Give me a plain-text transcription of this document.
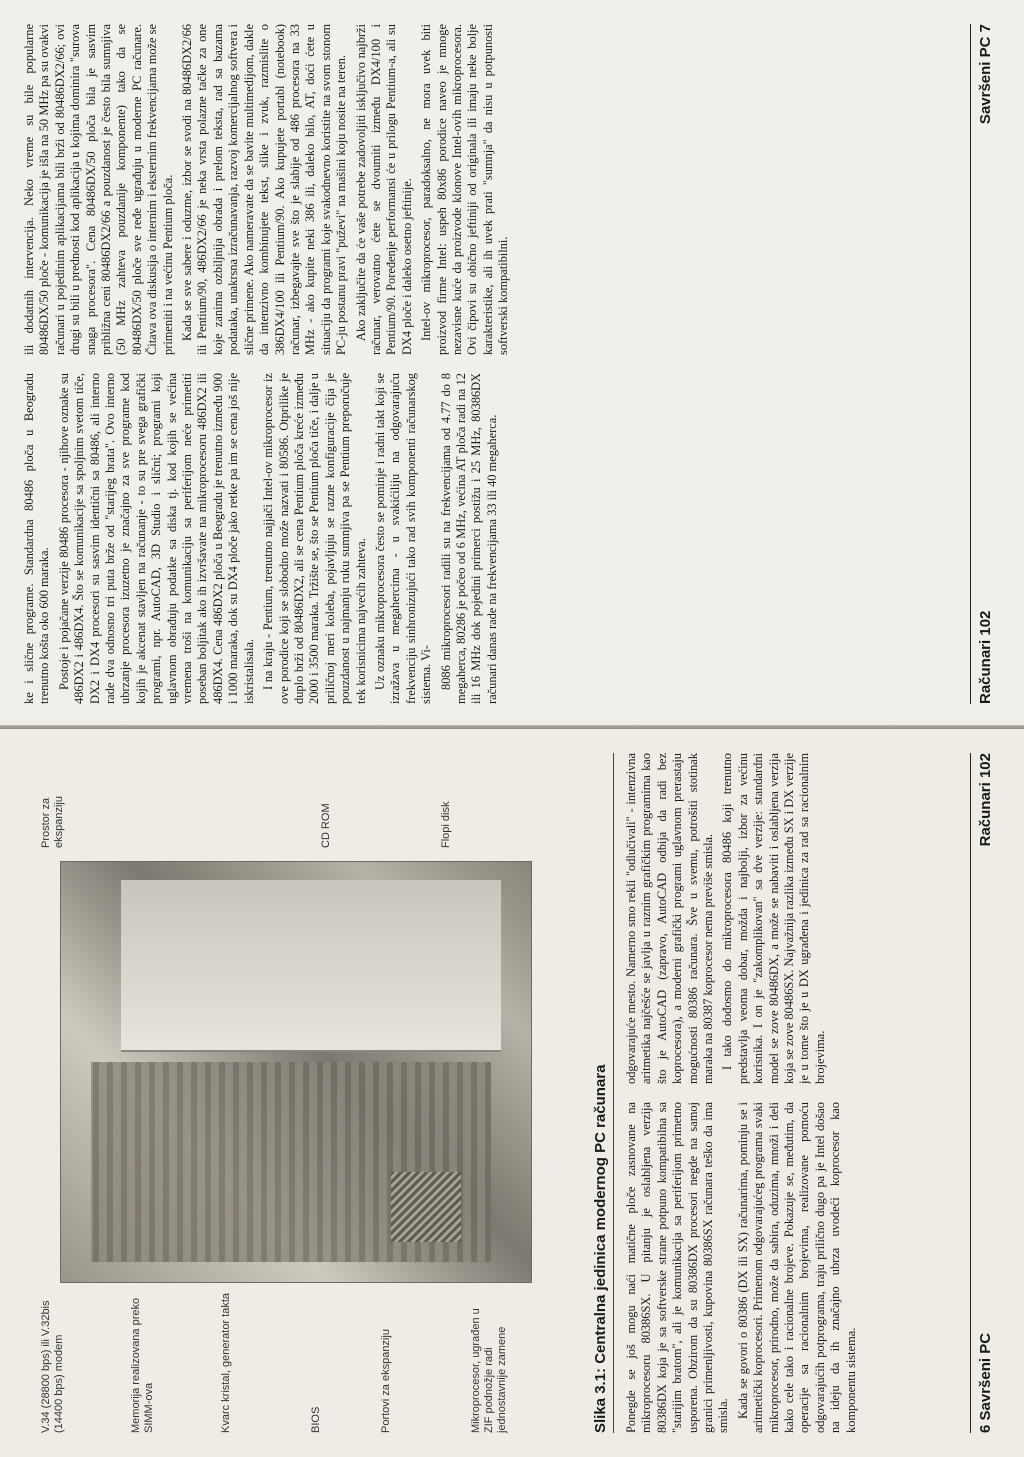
ke i slične programe. Standardna 80486 ploča u Beogradu trenutno košta oko 600 maraka. Postoje i pojačane verzije 80486 procesora - njihove oznake su 486DX2 i 486DX4. Što se komunikacije sa spoljnim svetom tiče, DX2 i DX4 procesori su sasvim identični sa 80486, ali interno rade dva odnosno tri puta brže od "starijeg brata". Ovo interno ubrzanje procesora izuzetno je značajno za sve programe kod kojih je akcenat stavljen na računanje - to su pre svega grafički programi, npr. AutoCAD, 3D Studio i slični; programi koji uglavnom obrađuju podatke sa diska tj. kod kojih se većina vremena troši na komunikaciju sa periferijom neće primetiti poseban boljitak ako ih izvršavate na mikroprocesoru 486DX2 ili 486DX4. Cena 486DX2 ploča u Beogradu je trenutno između 900 i 1000 maraka, dok su DX4 ploče jako retke pa im se cena još nije iskristalisala. I na kraju - Pentium, trenutno najjači Intel-ov mikroprocesor iz ove porodice koji se slobodno može nazvati i 80586. Otprilike je duplo brži od 80486DX2, ali se cena Pentium ploča kreće između 2000 i 3500 maraka. Tržište se, što se Pentium ploča tiče, i dalje u priličnoj meri koleba, pojavljuju se razne konfiguracije čija je pouzdanost u najmanju ruku sumnjiva pa se Pentium preporučuje tek korisnicima najvećih zahteva. Uz oznaku mikroprocesora često se pominje i radni takt koji se izražava u megahercima - u svakićiliju na odgovarajuću frekvenciju sinhronizujući tako rad svih komponenti računarskog sistema. Vi- 8086 mikroprocesori radili su na frekvencijama od 4.77 do 8 megaherca, 80286 je počeo od 6 MHz, većina AT ploča radi na 12 ili 16 MHz dok pojedini primerci postižu i 25 MHz, 80386DX računari danas rade na frekvencijama 33 ili 40 megaherca.

ili dodatnih intervencija. Neko vreme su bile popularne 80486DX/50 ploče - komunikacija je išla na 50 MHz pa su ovakvi računari u pojedinim aplikacijama bili brži od 80486DX2/66; ovi drugi su bili u prednosti kod aplikacija u kojima dominira "surova snaga procesora". Cena 80486DX/50 ploča bila je sasvim približna ceni 80486DX2/66 a pouzdanost je često bila sumnjiva (50 MHz zahteva pouzdanije komponente) tako da se 80486DX/50 ploče sve ređe ugrađuju u moderne PC računare. Čitava ova diskusija o internim i eksternim frekvencijama može se primeniti i na većinu Pentium ploča. Kada se sve sabere i oduzme, izbor se svodi na 80486DX2/66 ili Pentium/90, 486DX2/66 je neka vrsta polazne tačke za one koje zanima ozbiljnija obrada i prelom teksta, rad sa bazama podataka, unakrsna izračunavanja, razvoj komercijalnog softvera i slične primene. Ako nameravate da se bavite multimedijom, dakle da intenzivno kombinujete tekst, slike i zvuk, razmislite o 386DX4/100 ili Pentium/90. Ako kupujete portabl (notebook) računar, izbegavajte sve što je slabije od 486 procesora na 33 MHz - ako kupite neki 386 ili, daleko bilo, AT, doći ćete u situaciju da programi koje svakodnevno koristite na svom stonom PC-ju postanu pravi "puževi" na mašini koju nosite na teren. Ako zaključite da će vaše potrebe zadovoljiti isključivo najbrži računar, verovatno ćete se dvoumiti između DX4/100 i Pentium/90. Poređenje performansi će u prilogu Pentium-a, ali su DX4 ploče i daleko osetno jeftinije. Intel-ov mikroprocesor, paradoksalno, ne mora uvek biti proizvod firme Intel: uspeh 80x86 porodice naveo je mnoge nezavisne kuće da proizvode klonove Intel-ovih mikroprocesora. Ovi čipovi su obično jeftiniji od originala ili imaju neke bolje karakteristike, ali ih uvek prati "sumnja" da nisu u potpunosti softverski kompatibilni.

Računari 102
Savršeni PC 7
V.34 (28800 bps) ili V.32bis (14400 bps) modem	Memorija realizovana preko SIMM-ova	Kvarc kristal, generator takta	BIOS	Portovi za ekspanziju	Mikroprocesor, ugrađen u ZIF podnožje radi jednostavnije zamene
Prostor za ekspanziju	CD ROM	Flopi disk
Slika 3.1: Centralna jedinica modernog PC računara	Ponegde se još mogu naći matične ploče zasnovane na mikroprocesoru 80386SX. U pitanju je oslabljena verzija 80386DX koja je sa softverske strane potpuno kompatibilna sa "starijim bratom", ali je komunikacija sa periferijom primetno usporena. Obzirom da su 80386DX procesori negde na samoj granici primenljivosti, kupovina 80386SX računara teško da ima smisla. Kada se govori o 80386 (DX ili SX) računarima, pominju se i aritmetički koprocesori. Primenom odgovarajućeg programa svaki mikroprocesor, prirodno, može da sabira, oduzima, množi i deli kako cele tako i racionalne brojeve. Pokazuje se, međutim, da operacije sa racionalnim brojevima, realizovane pomoću odgovarajućih potprograma, traju prilično dugo pa je Intel došao na ideju da ih značajno ubrza uvodeći koprocesor kao komponentu sistema.

odgovarajuće mesto. Namerno smo rekli "odlučivali" - intenzivna aritmetika najčešće se javlja u raznim grafičkim programima kao što je AutoCAD (zapravo, AutoCAD odbija da radi bez koprocesora), a moderni grafički programi uglavnom prerastaju mogućnosti 80386 računara. Šve u svemu, potrošiti stotinak maraka na 80387 koprocesor nema previše smisla. I tako dođosmo do mikroprocesora 80486 koji trenutno predstavlja veoma dobar, možda i najbolji, izbor za većinu korisnika. I on je "zakomplikovan" sa dve verzije: standardni model se zove 80486DX, a može se nabaviti i oslabljena verzija koja se zove 80486SX. Najvažnija razlika između SX i DX verzije je u tome što je u DX ugrađena i jedinica za rad sa racionalnim brojevima.

6 Savršeni PC
Računari 102
